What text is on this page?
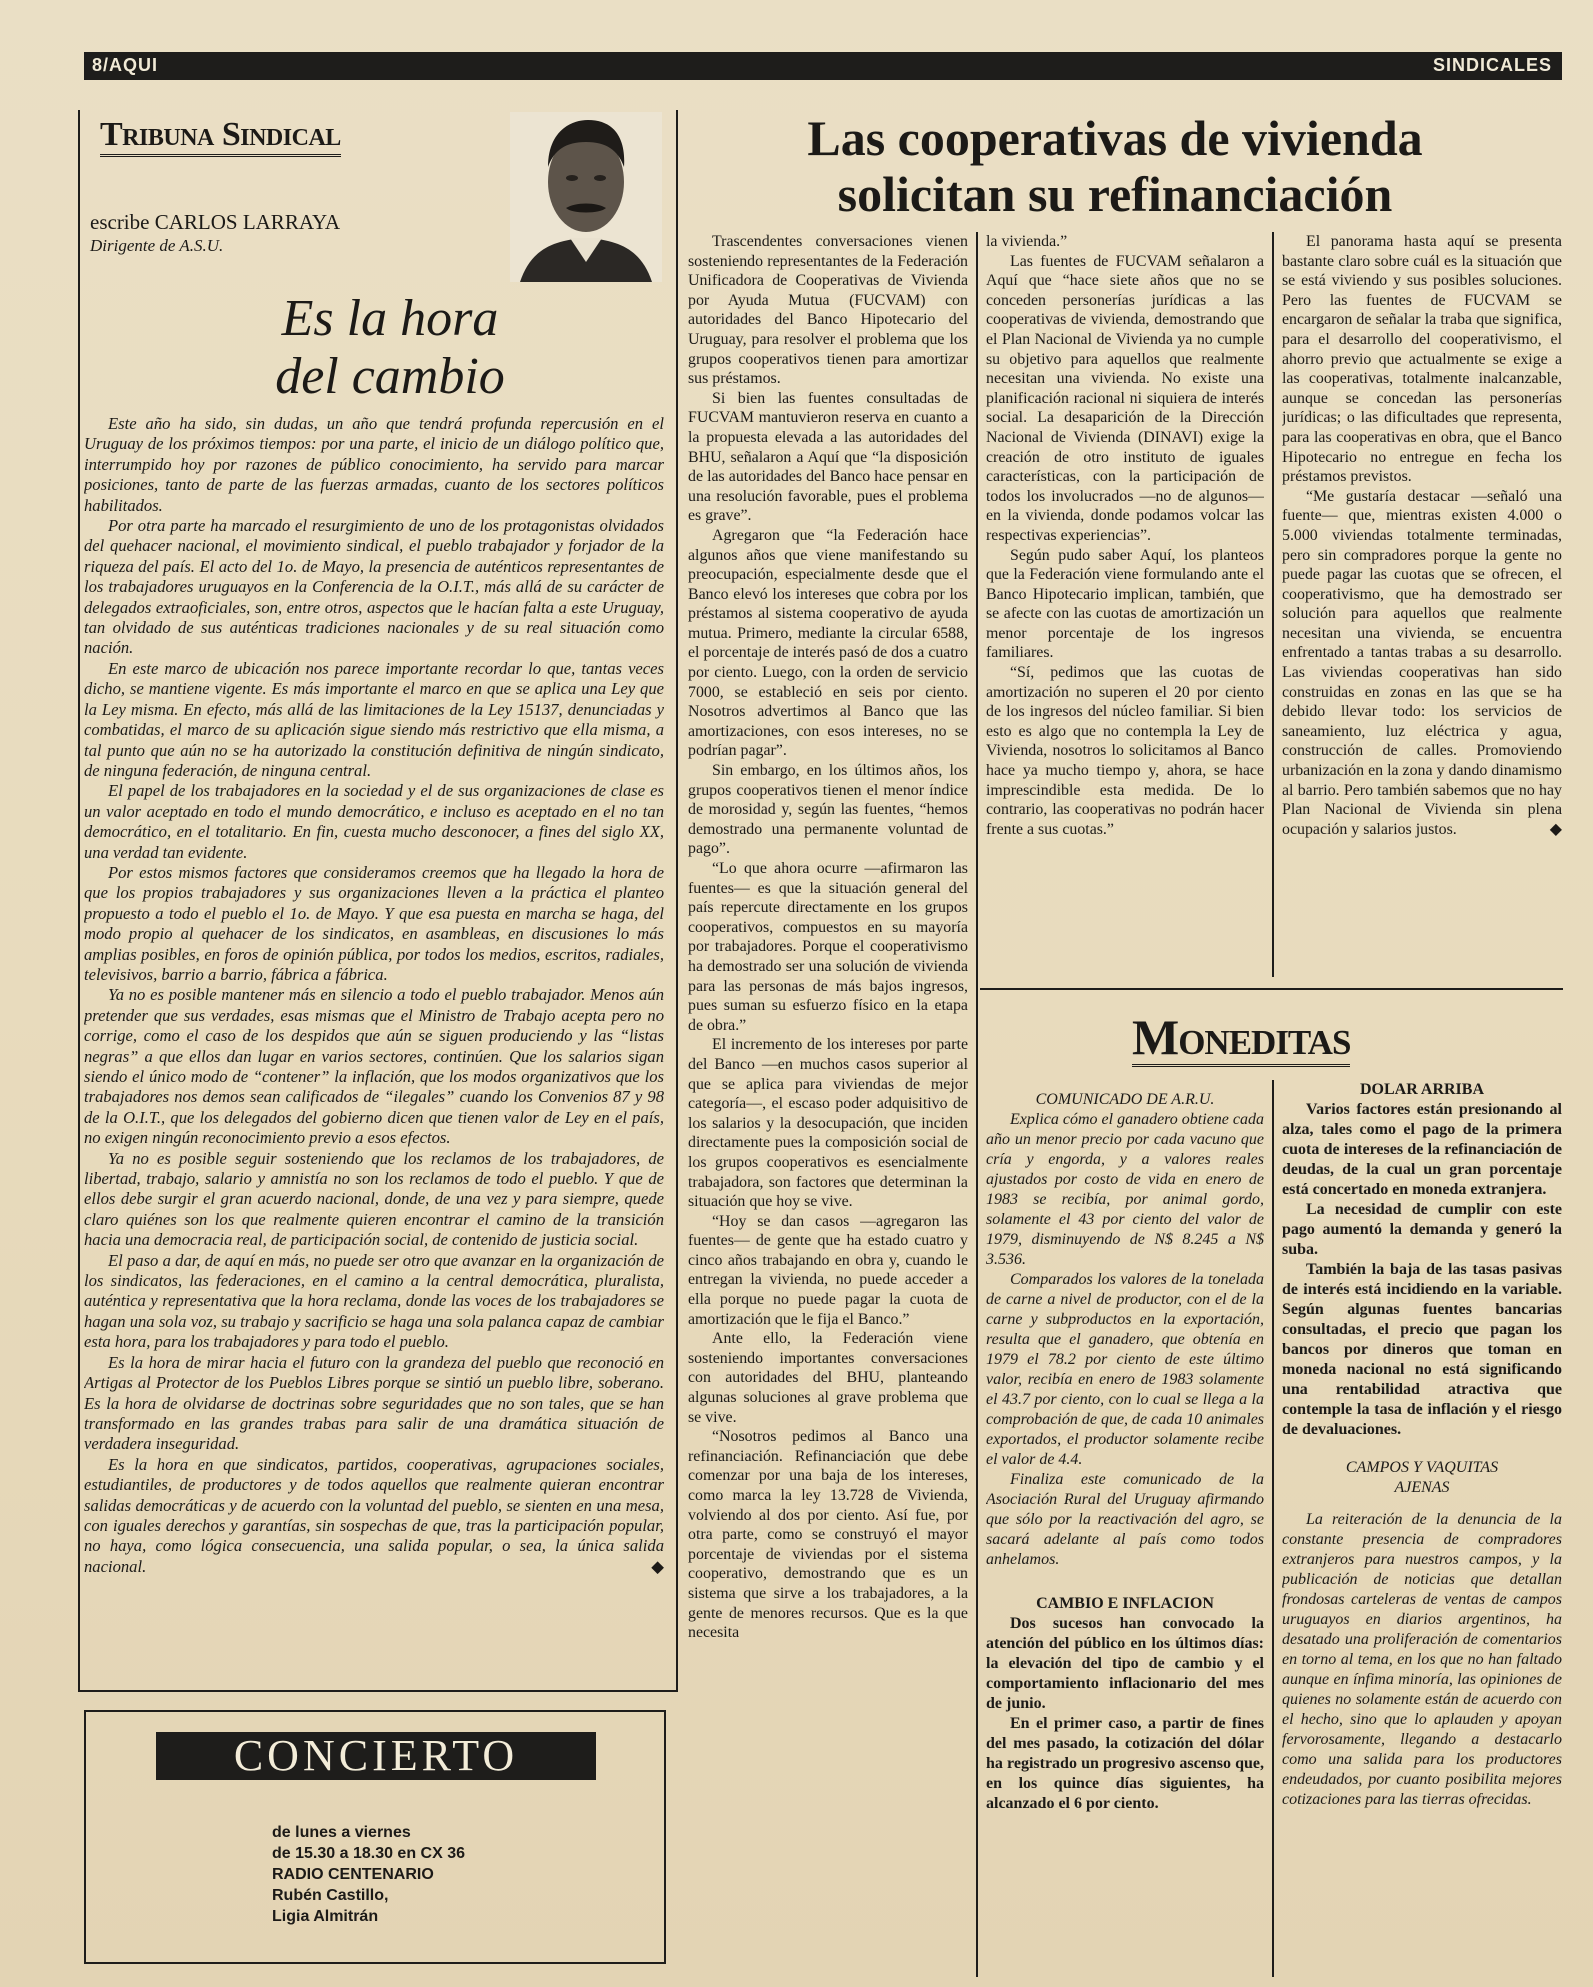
8/AQUI	SINDICALES
Tribuna Sindical
escribe CARLOS LARRAYA
Dirigente de A.S.U.
Es la hora
del cambio

Este año ha sido, sin dudas, un año que tendrá profunda repercusión en el Uruguay de los próximos tiempos: por una parte, el inicio de un diálogo político que, interrumpido hoy por razones de público conocimiento, ha servido para marcar posiciones, tanto de parte de las fuerzas armadas, cuanto de los sectores políticos habilitados.

Por otra parte ha marcado el resurgimiento de uno de los protagonistas olvidados del quehacer nacional, el movimiento sindical, el pueblo trabajador y forjador de la riqueza del país. El acto del 1o. de Mayo, la presencia de auténticos representantes de los trabajadores uruguayos en la Conferencia de la O.I.T., más allá de su carácter de delegados extraoficiales, son, entre otros, aspectos que le hacían falta a este Uruguay, tan olvidado de sus auténticas tradiciones nacionales y de su real situación como nación.

En este marco de ubicación nos parece importante recordar lo que, tantas veces dicho, se mantiene vigente. Es más importante el marco en que se aplica una Ley que la Ley misma. En efecto, más allá de las limitaciones de la Ley 15137, denunciadas y combatidas, el marco de su aplicación sigue siendo más restrictivo que ella misma, a tal punto que aún no se ha autorizado la constitución definitiva de ningún sindicato, de ninguna federación, de ninguna central.

El papel de los trabajadores en la sociedad y el de sus organizaciones de clase es un valor aceptado en todo el mundo democrático, e incluso es aceptado en el no tan democrático, en el totalitario. En fin, cuesta mucho desconocer, a fines del siglo XX, una verdad tan evidente.

Por estos mismos factores que consideramos creemos que ha llegado la hora de que los propios trabajadores y sus organizaciones lleven a la práctica el planteo propuesto a todo el pueblo el 1o. de Mayo. Y que esa puesta en marcha se haga, del modo propio al quehacer de los sindicatos, en asambleas, en discusiones lo más amplias posibles, en foros de opinión pública, por todos los medios, escritos, radiales, televisivos, barrio a barrio, fábrica a fábrica.

Ya no es posible mantener más en silencio a todo el pueblo trabajador. Menos aún pretender que sus verdades, esas mismas que el Ministro de Trabajo acepta pero no corrige, como el caso de los despidos que aún se siguen produciendo y las “listas negras” a que ellos dan lugar en varios sectores, continúen. Que los salarios sigan siendo el único modo de “contener” la inflación, que los modos organizativos que los trabajadores nos demos sean calificados de “ilegales” cuando los Convenios 87 y 98 de la O.I.T., que los delegados del gobierno dicen que tienen valor de Ley en el país, no exigen ningún reconocimiento previo a esos efectos.

Ya no es posible seguir sosteniendo que los reclamos de los trabajadores, de libertad, trabajo, salario y amnistía no son los reclamos de todo el pueblo. Y que de ellos debe surgir el gran acuerdo nacional, donde, de una vez y para siempre, quede claro quiénes son los que realmente quieren encontrar el camino de la transición hacia una democracia real, de participación social, de contenido de justicia social.

El paso a dar, de aquí en más, no puede ser otro que avanzar en la organización de los sindicatos, las federaciones, en el camino a la central democrática, pluralista, auténtica y representativa que la hora reclama, donde las voces de los trabajadores se hagan una sola voz, su trabajo y sacrificio se haga una sola palanca capaz de cambiar esta hora, para los trabajadores y para todo el pueblo.

Es la hora de mirar hacia el futuro con la grandeza del pueblo que reconoció en Artigas al Protector de los Pueblos Libres porque se sintió un pueblo libre, soberano. Es la hora de olvidarse de doctrinas sobre seguridades que no son tales, que se han transformado en las grandes trabas para salir de una dramática situación de verdadera inseguridad.

Es la hora en que sindicatos, partidos, cooperativas, agrupaciones sociales, estudiantiles, de productores y de todos aquellos que realmente quieran encontrar salidas democráticas y de acuerdo con la voluntad del pueblo, se sienten en una mesa, con iguales derechos y garantías, sin sospechas de que, tras la participación popular, no haya, como lógica consecuencia, una salida popular, o sea, la única salida nacional.	◆

CONCIERTO
de lunes a viernes
de 15.30 a 18.30 en CX 36
RADIO CENTENARIO
Rubén Castillo,
Ligia Almitrán
Las cooperativas de vivienda
solicitan su refinanciación

Trascendentes conversaciones vienen sosteniendo representantes de la Federación Unificadora de Cooperativas de Vivienda por Ayuda Mutua (FUCVAM) con autoridades del Banco Hipotecario del Uruguay, para resolver el problema que los grupos cooperativos tienen para amortizar sus préstamos.

Si bien las fuentes consultadas de FUCVAM mantuvieron reserva en cuanto a la propuesta elevada a las autoridades del BHU, señalaron a Aquí que “la disposición de las autoridades del Banco hace pensar en una resolución favorable, pues el problema es grave”.

Agregaron que “la Federación hace algunos años que viene manifestando su preocupación, especialmente desde que el Banco elevó los intereses que cobra por los préstamos al sistema cooperativo de ayuda mutua. Primero, mediante la circular 6588, el porcentaje de interés pasó de dos a cuatro por ciento. Luego, con la orden de servicio 7000, se estableció en seis por ciento. Nosotros advertimos al Banco que las amortizaciones, con esos intereses, no se podrían pagar”.

Sin embargo, en los últimos años, los grupos cooperativos tienen el menor índice de morosidad y, según las fuentes, “hemos demostrado una permanente voluntad de pago”.

“Lo que ahora ocurre —afirmaron las fuentes— es que la situación general del país repercute directamente en los grupos cooperativos, compuestos en su mayoría por trabajadores. Porque el cooperativismo ha demostrado ser una solución de vivienda para las personas de más bajos ingresos, pues suman su esfuerzo físico en la etapa de obra.”

El incremento de los intereses por parte del Banco —en muchos casos superior al que se aplica para viviendas de mejor categoría—, el escaso poder adquisitivo de los salarios y la desocupación, que inciden directamente pues la composición social de los grupos cooperativos es esencialmente trabajadora, son factores que determinan la situación que hoy se vive.

“Hoy se dan casos —agregaron las fuentes— de gente que ha estado cuatro y cinco años trabajando en obra y, cuando le entregan la vivienda, no puede acceder a ella porque no puede pagar la cuota de amortización que le fija el Banco.”

Ante ello, la Federación viene sosteniendo importantes conversaciones con autoridades del BHU, planteando algunas soluciones al grave problema que se vive.

“Nosotros pedimos al Banco una refinanciación. Refinanciación que debe comenzar por una baja de los intereses, como marca la ley 13.728 de Vivienda, volviendo al dos por ciento. Así fue, por otra parte, como se construyó el mayor porcentaje de viviendas por el sistema cooperativo, demostrando que es un sistema que sirve a los trabajadores, a la gente de menores recursos. Que es la que necesita

la vivienda.”

Las fuentes de FUCVAM señalaron a Aquí que “hace siete años que no se conceden personerías jurídicas a las cooperativas de vivienda, demostrando que el Plan Nacional de Vivienda ya no cumple su objetivo para aquellos que realmente necesitan una vivienda. No existe una planificación racional ni siquiera de interés social. La desaparición de la Dirección Nacional de Vivienda (DINAVI) exige la creación de otro instituto de iguales características, con la participación de todos los involucrados —no de algunos— en la vivienda, donde podamos volcar las respectivas experiencias”.

Según pudo saber Aquí, los planteos que la Federación viene formulando ante el Banco Hipotecario implican, también, que se afecte con las cuotas de amortización un menor porcentaje de los ingresos familiares.

“Sí, pedimos que las cuotas de amortización no superen el 20 por ciento de los ingresos del núcleo familiar. Si bien esto es algo que no contempla la Ley de Vivienda, nosotros lo solicitamos al Banco hace ya mucho tiempo y, ahora, se hace imprescindible esta medida. De lo contrario, las cooperativas no podrán hacer frente a sus cuotas.”

El panorama hasta aquí se presenta bastante claro sobre cuál es la situación que se está viviendo y sus posibles soluciones. Pero las fuentes de FUCVAM se encargaron de señalar la traba que significa, para el desarrollo del cooperativismo, el ahorro previo que actualmente se exige a las cooperativas, totalmente inalcanzable, aunque se concedan las personerías jurídicas; o las dificultades que representa, para las cooperativas en obra, que el Banco Hipotecario no entregue en fecha los préstamos previstos.

“Me gustaría destacar —señaló una fuente— que, mientras existen 4.000 o 5.000 viviendas totalmente terminadas, pero sin compradores porque la gente no puede pagar las cuotas que se ofrecen, el cooperativismo, que ha demostrado ser solución para aquellos que realmente necesitan una vivienda, se encuentra enfrentado a tantas trabas a su desarrollo. Las viviendas cooperativas han sido construidas en zonas en las que se ha debido llevar todo: los servicios de saneamiento, luz eléctrica y agua, construcción de calles. Promoviendo urbanización en la zona y dando dinamismo al barrio. Pero también sabemos que no hay Plan Nacional de Vivienda sin plena ocupación y salarios justos.	◆

Moneditas

COMUNICADO DE A.R.U.

Explica cómo el ganadero obtiene cada año un menor precio por cada vacuno que cría y engorda, y a valores reales ajustados por costo de vida en enero de 1983 se recibía, por animal gordo, solamente el 43 por ciento del valor de 1979, disminuyendo de N$ 8.245 a N$ 3.536.

Comparados los valores de la tonelada de carne a nivel de productor, con el de la carne y subproductos en la exportación, resulta que el ganadero, que obtenía en 1979 el 78.2 por ciento de este último valor, recibía en enero de 1983 solamente el 43.7 por ciento, con lo cual se llega a la comprobación de que, de cada 10 animales exportados, el productor solamente recibe el valor de 4.4.

Finaliza este comunicado de la Asociación Rural del Uruguay afirmando que sólo por la reactivación del agro, se sacará adelante al país como todos anhelamos.

CAMBIO E INFLACION

Dos sucesos han convocado la atención del público en los últimos días: la elevación del tipo de cambio y el comportamiento inflacionario del mes de junio.

En el primer caso, a partir de fines del mes pasado, la cotización del dólar ha registrado un progresivo ascenso que, en los quince días siguientes, ha alcanzado el 6 por ciento.

DOLAR ARRIBA

Varios factores están presionando al alza, tales como el pago de la primera cuota de intereses de la refinanciación de deudas, de la cual un gran porcentaje está concertado en moneda extranjera.

La necesidad de cumplir con este pago aumentó la demanda y generó la suba.

También la baja de las tasas pasivas de interés está incidiendo en la variable. Según algunas fuentes bancarias consultadas, el precio que pagan los bancos por dineros que toman en moneda nacional no está significando una rentabilidad atractiva que contemple la tasa de inflación y el riesgo de devaluaciones.

CAMPOS Y VAQUITAS
AJENAS

La reiteración de la denuncia de la constante presencia de compradores extranjeros para nuestros campos, y la publicación de noticias que detallan frondosas carteleras de ventas de campos uruguayos en diarios argentinos, ha desatado una proliferación de comentarios en torno al tema, en los que no han faltado aunque en ínfima minoría, las opiniones de quienes no solamente están de acuerdo con el hecho, sino que lo aplauden y apoyan fervorosamente, llegando a destacarlo como una salida para los productores endeudados, por cuanto posibilita mejores cotizaciones para las tierras ofrecidas.
